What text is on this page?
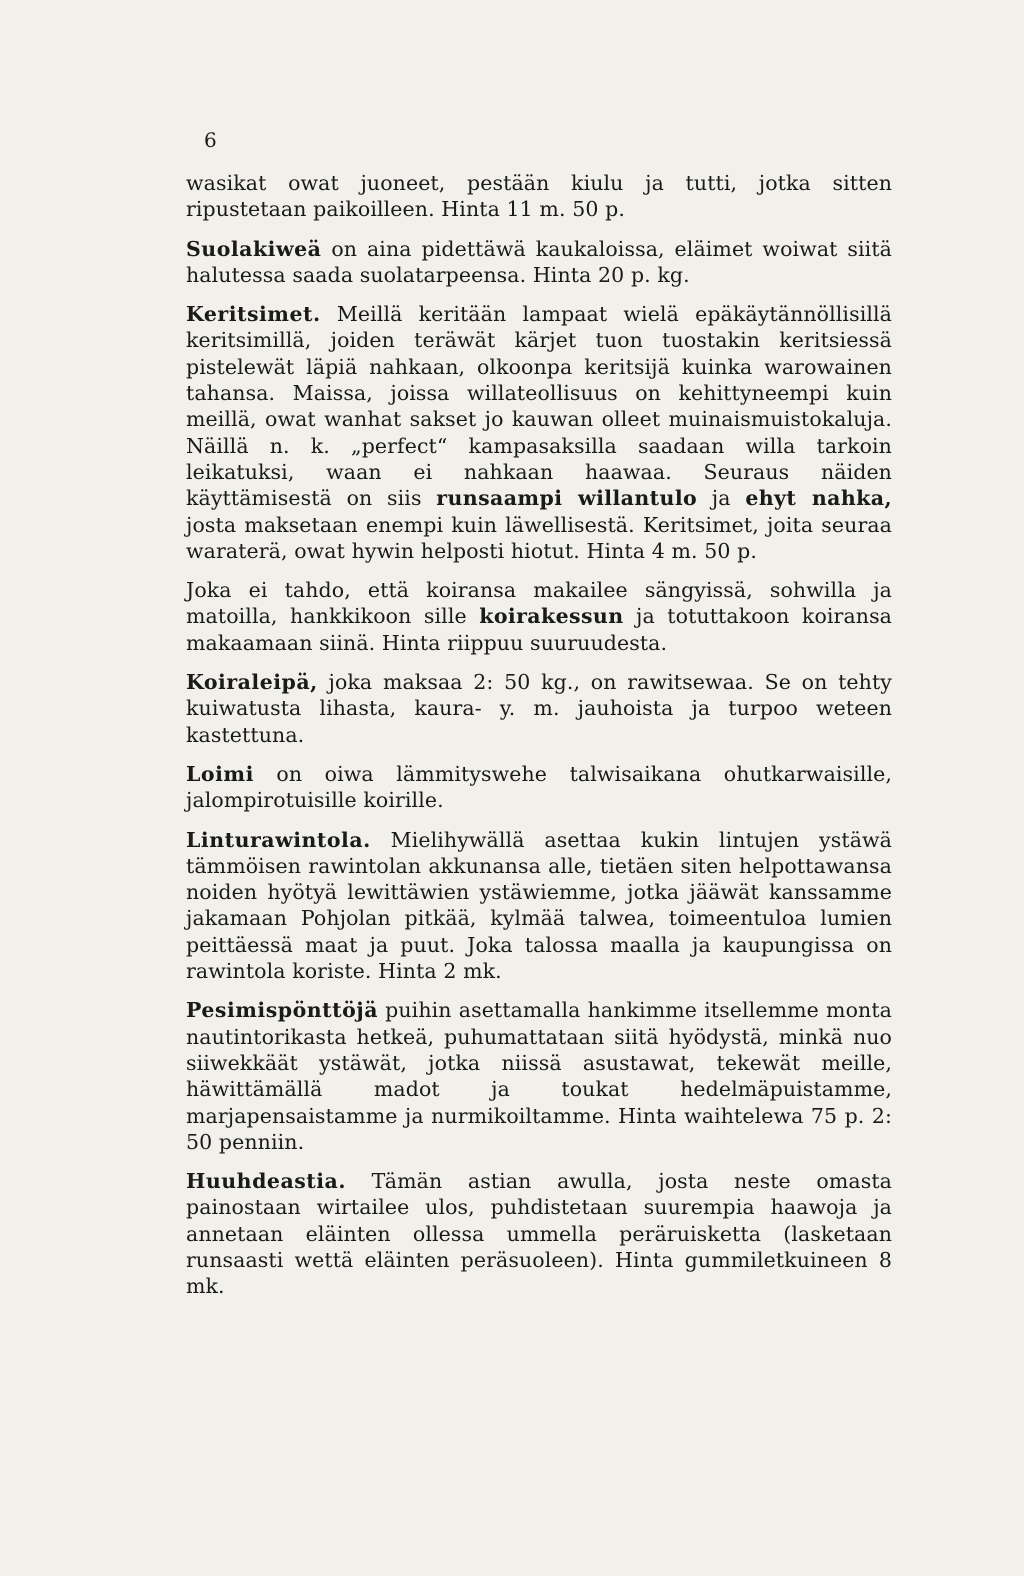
6

wasikat owat juoneet, pestään kiulu ja tutti, jotka sitten ripustetaan paikoilleen. Hinta 11 m. 50 p.

Suolakiweä on aina pidettäwä kaukaloissa, eläimet woiwat siitä halutessa saada suolatarpeensa. Hinta 20 p. kg.

Keritsimet. Meillä keritään lampaat wielä epäkäytännöllisillä keritsimillä, joiden teräwät kärjet tuon tuostakin keritsiessä pistelewät läpiä nahkaan, olkoonpa keritsijä kuinka warowainen tahansa. Maissa, joissa willateollisuus on kehittyneempi kuin meillä, owat wanhat sakset jo kauwan olleet muinaismuistokaluja. Näillä n. k. „perfect“ kampasaksilla saadaan willa tarkoin leikatuksi, waan ei nahkaan haawaa. Seuraus näiden käyttämisestä on siis runsaampi willantulo ja ehyt nahka, josta maksetaan enempi kuin läwellisestä. Keritsimet, joita seuraa waraterä, owat hywin helposti hiotut. Hinta 4 m. 50 p.

Joka ei tahdo, että koiransa makailee sängyissä, sohwilla ja matoilla, hankkikoon sille koirakessun ja totuttakoon koiransa makaamaan siinä. Hinta riippuu suuruudesta.

Koiraleipä, joka maksaa 2: 50 kg., on rawitsewaa. Se on tehty kuiwatusta lihasta, kaura- y. m. jauhoista ja turpoo weteen kastettuna.

Loimi on oiwa lämmityswehe talwisaikana ohutkarwaisille, jalompirotuisille koirille.

Linturawintola. Mielihywällä asettaa kukin lintujen ystäwä tämmöisen rawintolan akkunansa alle, tietäen siten helpottawansa noiden hyötyä lewittäwien ystäwiemme, jotka jääwät kanssamme jakamaan Pohjolan pitkää, kylmää talwea, toimeentuloa lumien peittäessä maat ja puut. Joka talossa maalla ja kaupungissa on rawintola koriste. Hinta 2 mk.

Pesimispönttöjä puihin asettamalla hankimme itsellemme monta nautintorikasta hetkeä, puhumattataan siitä hyödystä, minkä nuo siiwekkäät ystäwät, jotka niissä asustawat, tekewät meille, häwittämällä madot ja toukat hedelmäpuistamme, marjapensaistamme ja nurmikoiltamme. Hinta waihtelewa 75 p. 2: 50 penniin.

Huuhdeastia. Tämän astian awulla, josta neste omasta painostaan wirtailee ulos, puhdistetaan suurempia haawoja ja annetaan eläinten ollessa ummella peräruisketta (lasketaan runsaasti wettä eläinten peräsuoleen). Hinta gummiletkuineen 8 mk.
